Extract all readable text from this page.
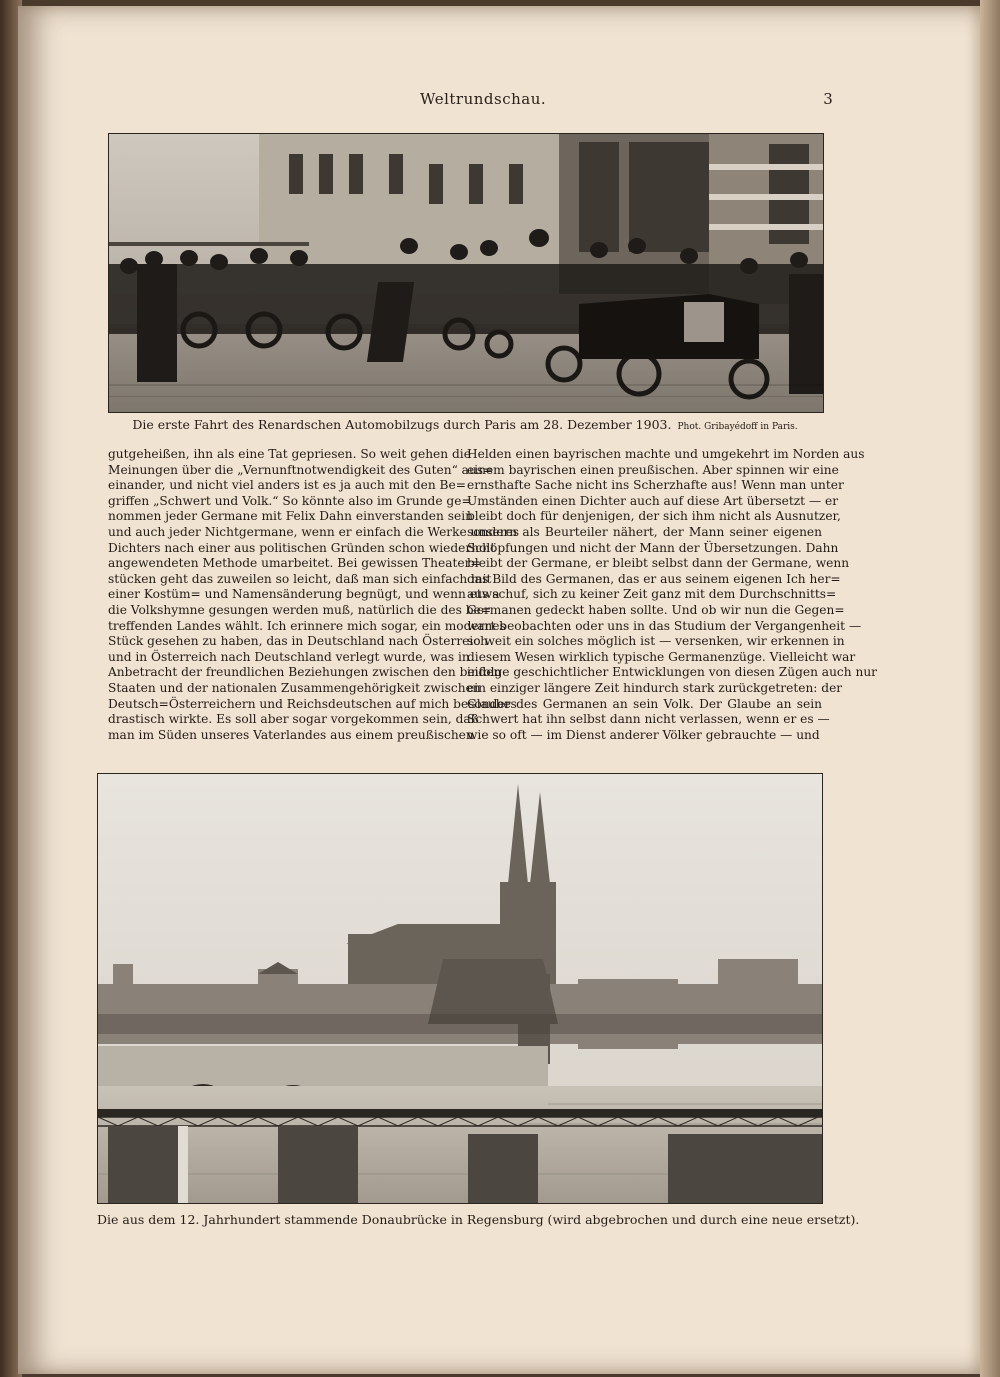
Weltrundschau.	3
Die erste Fahrt des Renardschen Automobilzugs durch Paris am 28. Dezember 1903. Phot. Gribayédoff in Paris.
gutgeheißen, ihn als eine Tat gepriesen. So weit gehen die
Meinungen über die „Vernunftnotwendigkeit des Guten“ aus=
einander, und nicht viel anders ist es ja auch mit den Be=
griffen „Schwert und Volk.“ So könnte also im Grunde ge=
nommen jeder Germane mit Felix Dahn einverstanden sein
und auch jeder Nichtgermane, wenn er einfach die Werke unseres
Dichters nach einer aus politischen Gründen schon wiederholt
angewendeten Methode umarbeitet. Bei gewissen Theater=
stücken geht das zuweilen so leicht, daß man sich einfach mit
einer Kostüm= und Namensänderung begnügt, und wenn etwa
die Volkshymne gesungen werden muß, natürlich die des be=
treffenden Landes wählt. Ich erinnere mich sogar, ein modernes
Stück gesehen zu haben, das in Deutschland nach Österreich
und in Österreich nach Deutschland verlegt wurde, was in
Anbetracht der freundlichen Beziehungen zwischen den beiden
Staaten und der nationalen Zusammengehörigkeit zwischen
Deutsch=Österreichern und Reichsdeutschen auf mich besonders
drastisch wirkte. Es soll aber sogar vorgekommen sein, daß
man im Süden unseres Vaterlandes aus einem preußischen
Helden einen bayrischen machte und umgekehrt im Norden aus
einem bayrischen einen preußischen. Aber spinnen wir eine
ernsthafte Sache nicht ins Scherzhafte aus! Wenn man unter
Umständen einen Dichter auch auf diese Art übersetzt — er
bleibt doch für denjenigen, der sich ihm nicht als Ausnutzer,
sondern als Beurteiler nähert, der Mann seiner eigenen
Schöpfungen und nicht der Mann der Übersetzungen. Dahn
bleibt der Germane, er bleibt selbst dann der Germane, wenn
das Bild des Germanen, das er aus seinem eigenen Ich her=
aus schuf, sich zu keiner Zeit ganz mit dem Durchschnitts=
Germanen gedeckt haben sollte. Und ob wir nun die Gegen=
wart beobachten oder uns in das Studium der Vergangenheit —
so weit ein solches möglich ist — versenken, wir erkennen in
diesem Wesen wirklich typische Germanenzüge. Vielleicht war
infolge geschichtlicher Entwicklungen von diesen Zügen auch nur
ein einziger längere Zeit hindurch stark zurückgetreten: der
Glaube des Germanen an sein Volk. Der Glaube an sein
Schwert hat ihn selbst dann nicht verlassen, wenn er es —
wie so oft — im Dienst anderer Völker gebrauchte — und
Die aus dem 12. Jahrhundert stammende Donaubrücke in Regensburg (wird abgebrochen und durch eine neue ersetzt).
